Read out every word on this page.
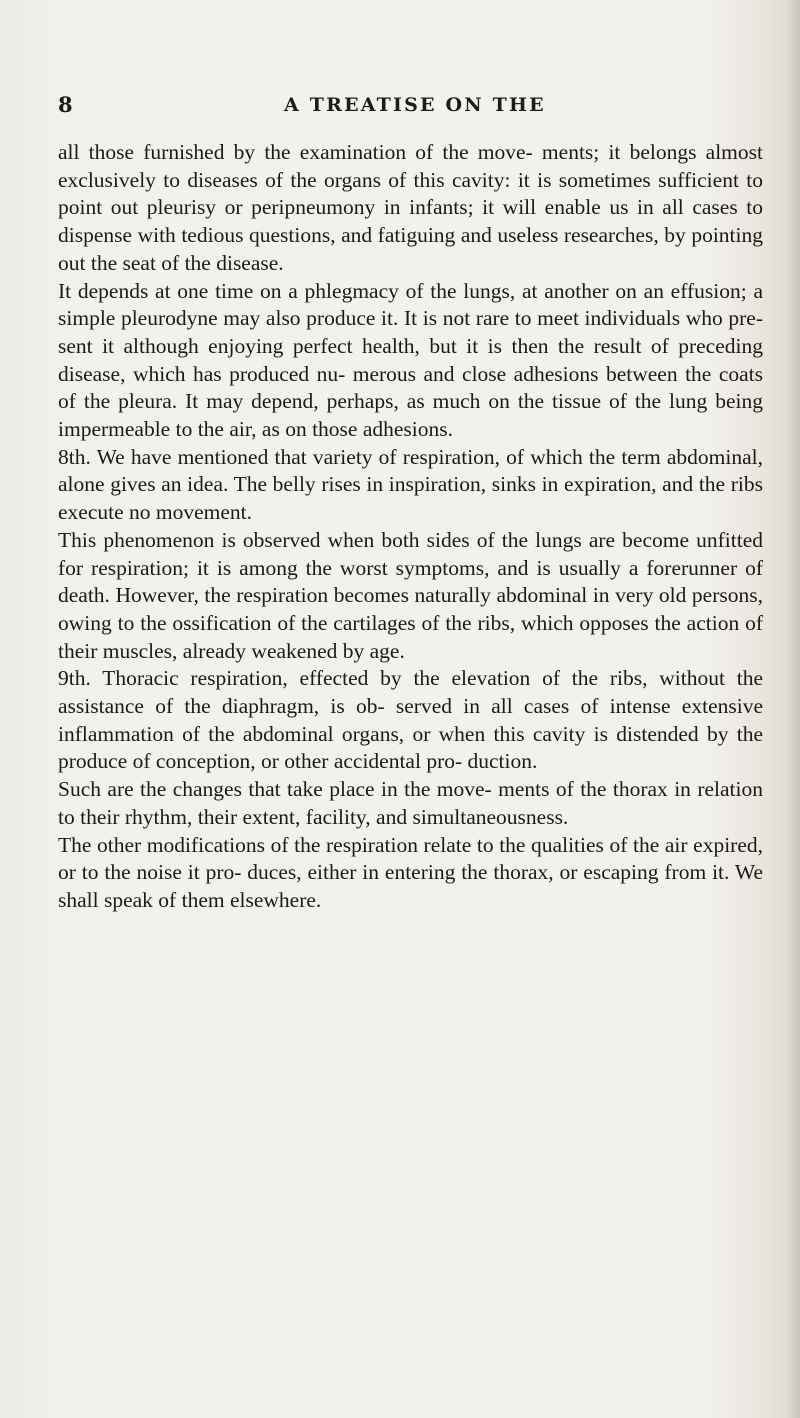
8	A TREATISE ON THE

all those furnished by the examination of the move- ments; it belongs almost exclusively to diseases of the organs of this cavity: it is sometimes sufficient to point out pleurisy or peripneumony in infants; it will enable us in all cases to dispense with tedious questions, and fatiguing and useless researches, by pointing out the seat of the disease.

It depends at one time on a phlegmacy of the lungs, at another on an effusion; a simple pleurodyne may also produce it. It is not rare to meet individuals who pre- sent it although enjoying perfect health, but it is then the result of preceding disease, which has produced nu- merous and close adhesions between the coats of the pleura. It may depend, perhaps, as much on the tissue of the lung being impermeable to the air, as on those adhesions.

8th. We have mentioned that variety of respiration, of which the term abdominal, alone gives an idea. The belly rises in inspiration, sinks in expiration, and the ribs execute no movement.

This phenomenon is observed when both sides of the lungs are become unfitted for respiration; it is among the worst symptoms, and is usually a forerunner of death. However, the respiration becomes naturally abdominal in very old persons, owing to the ossification of the cartilages of the ribs, which opposes the action of their muscles, already weakened by age.

9th. Thoracic respiration, effected by the elevation of the ribs, without the assistance of the diaphragm, is ob- served in all cases of intense extensive inflammation of the abdominal organs, or when this cavity is distended by the produce of conception, or other accidental pro- duction.

Such are the changes that take place in the move- ments of the thorax in relation to their rhythm, their extent, facility, and simultaneousness.

The other modifications of the respiration relate to the qualities of the air expired, or to the noise it pro- duces, either in entering the thorax, or escaping from it. We shall speak of them elsewhere.
